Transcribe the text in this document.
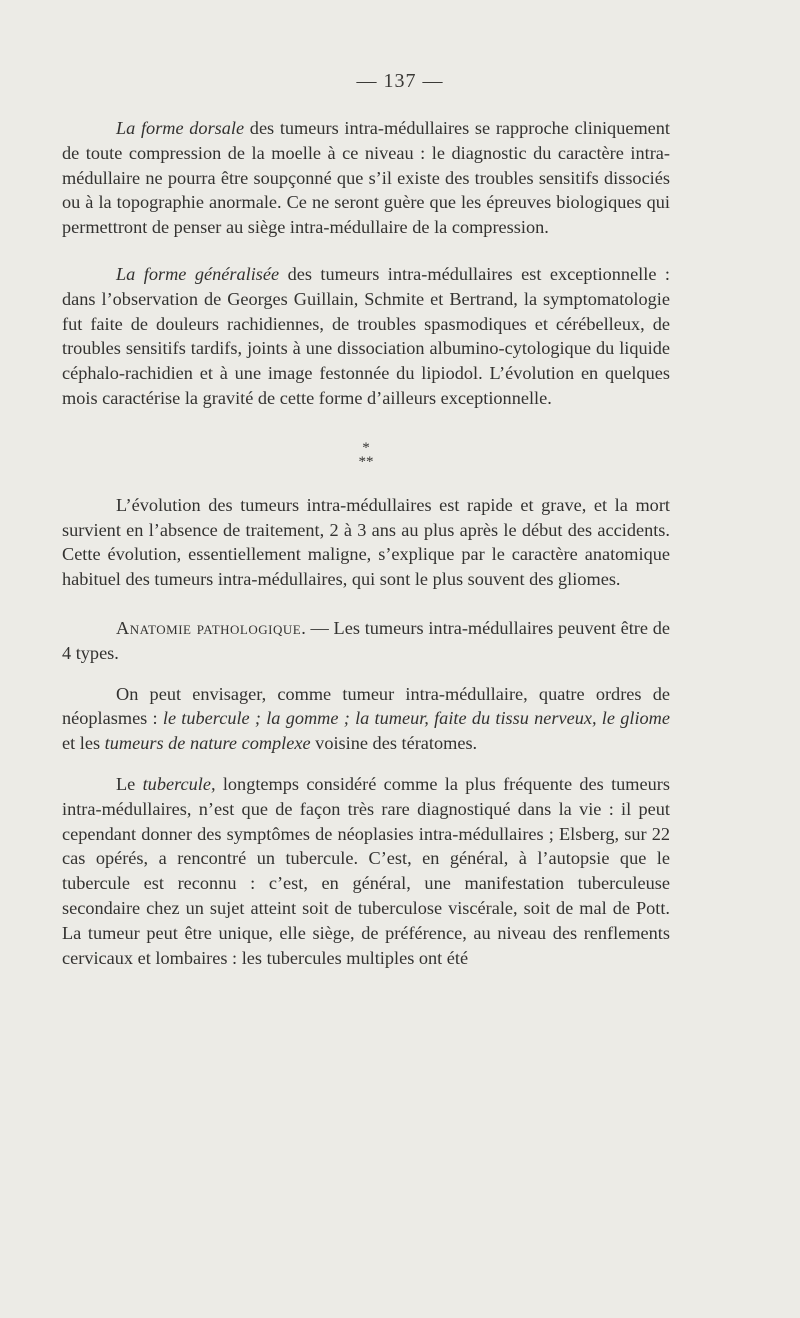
— 137 —

La forme dorsale des tumeurs intra-médullaires se rapproche cliniquement de toute compression de la moelle à ce niveau : le diagnostic du caractère intra-médullaire ne pourra être soupçonné que s’il existe des troubles sensitifs dissociés ou à la topographie anormale. Ce ne seront guère que les épreuves biologiques qui permettront de penser au siège intra-médullaire de la compression.

La forme généralisée des tumeurs intra-médullaires est exceptionnelle : dans l’observation de Georges Guillain, Schmite et Bertrand, la symptomatologie fut faite de douleurs rachidiennes, de troubles spasmodiques et cérébelleux, de troubles sensitifs tardifs, joints à une dissociation albumino-cytologique du liquide céphalo-rachidien et à une image festonnée du lipiodol. L’évolution en quelques mois caractérise la gravité de cette forme d’ailleurs exceptionnelle.

*
**

L’évolution des tumeurs intra-médullaires est rapide et grave, et la mort survient en l’absence de traitement, 2 à 3 ans au plus après le début des accidents. Cette évolution, essentiellement maligne, s’explique par le caractère anatomique habituel des tumeurs intra-médullaires, qui sont le plus souvent des gliomes.

Anatomie pathologique. — Les tumeurs intra-médullaires peuvent être de 4 types.

On peut envisager, comme tumeur intra-médullaire, quatre ordres de néoplasmes : le tubercule ; la gomme ; la tumeur, faite du tissu nerveux, le gliome et les tumeurs de nature complexe voisine des tératomes.

Le tubercule, longtemps considéré comme la plus fréquente des tumeurs intra-médullaires, n’est que de façon très rare diagnostiqué dans la vie : il peut cependant donner des symptômes de néoplasies intra-médullaires ; Elsberg, sur 22 cas opérés, a rencontré un tubercule. C’est, en général, à l’autopsie que le tubercule est reconnu : c’est, en général, une manifestation tuberculeuse secondaire chez un sujet atteint soit de tuberculose viscérale, soit de mal de Pott. La tumeur peut être unique, elle siège, de préférence, au niveau des renflements cervicaux et lombaires : les tubercules multiples ont été
